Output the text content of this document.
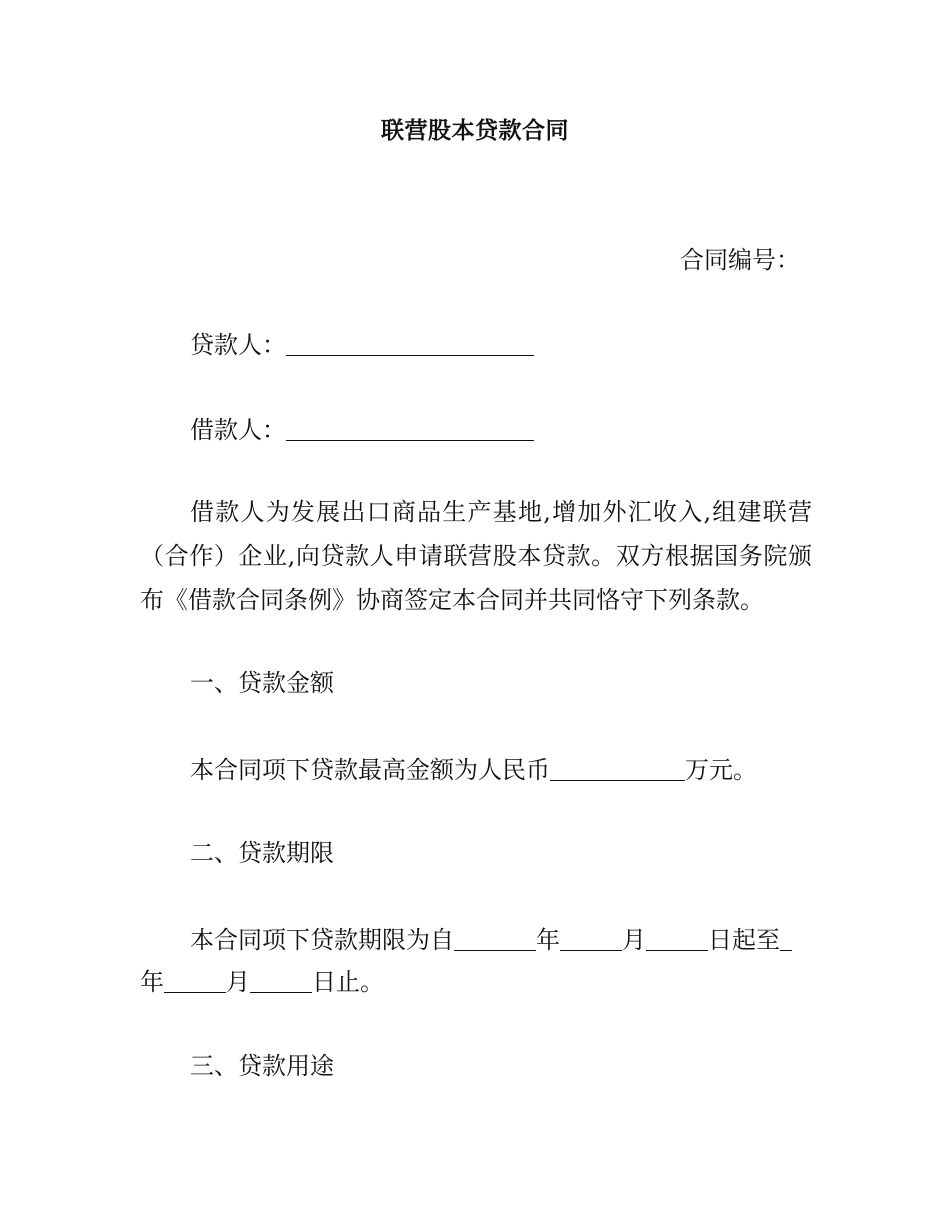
联营股本贷款合同
合同编号：
贷款人：
借款人：
借款人为发展出口商品生产基地,增加外汇收入,组建联营（合作）企业,向贷款人申请联营股本贷款。双方根据国务院颁布《借款合同条例》协商签定本合同并共同恪守下列条款。
一、贷款金额
本合同项下贷款最高金额为人民币	万元。
二、贷款期限
本合同项下贷款期限为自	年	月	日起至
年	月	日止。
三、贷款用途
